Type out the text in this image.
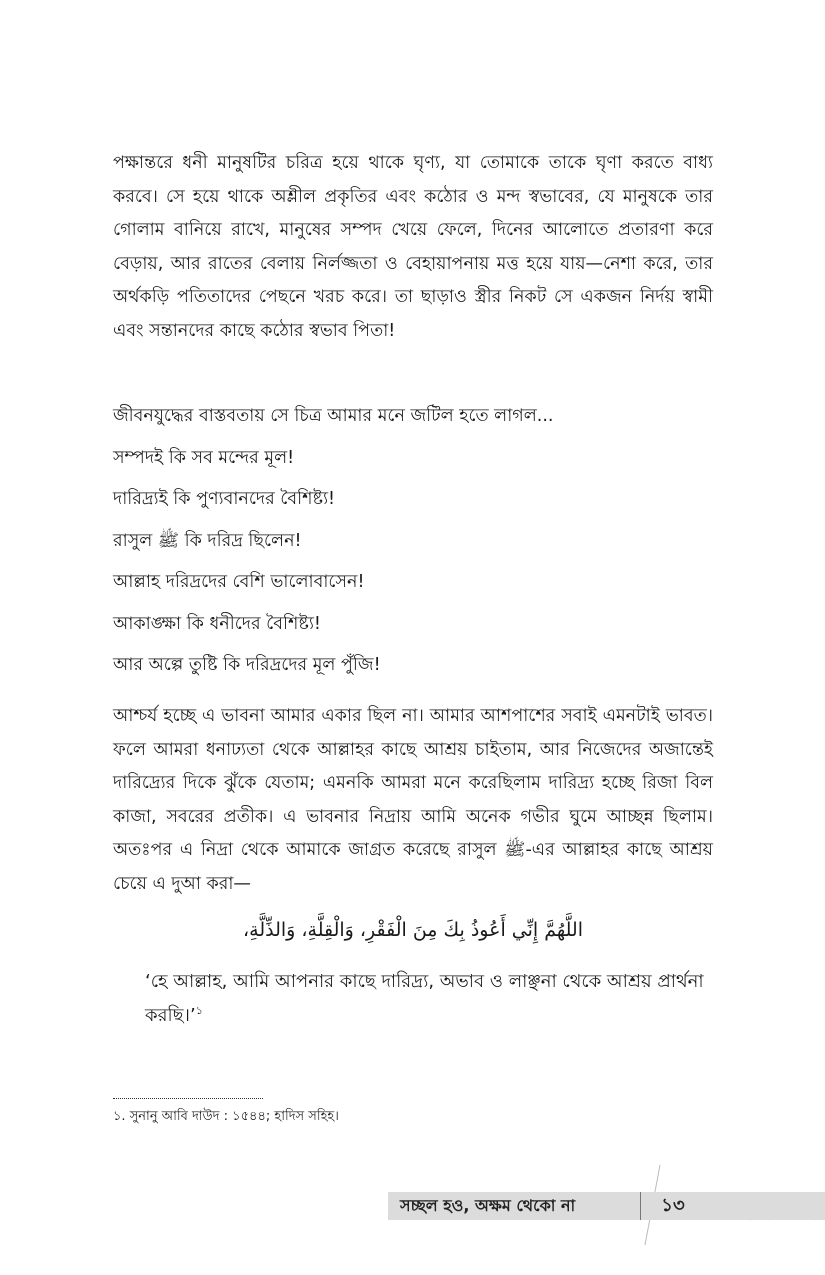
পক্ষান্তরে ধনী মানুষটির চরিত্র হয়ে থাকে ঘৃণ্য, যা তোমাকে তাকে ঘৃণা করতে বাধ্য করবে। সে হয়ে থাকে অশ্লীল প্রকৃতির এবং কঠোর ও মন্দ স্বভাবের, যে মানুষকে তার গোলাম বানিয়ে রাখে, মানুষের সম্পদ খেয়ে ফেলে, দিনের আলোতে প্রতারণা করে বেড়ায়, আর রাতের বেলায় নির্লজ্জতা ও বেহায়াপনায় মত্ত হয়ে যায়—নেশা করে, তার অর্থকড়ি পতিতাদের পেছনে খরচ করে। তা ছাড়াও স্ত্রীর নিকট সে একজন নির্দয় স্বামী এবং সন্তানদের কাছে কঠোর স্বভাব পিতা!

জীবনযুদ্ধের বাস্তবতায় সে চিত্র আমার মনে জটিল হতে লাগল...
সম্পদই কি সব মন্দের মূল!
দারিদ্র্যই কি পুণ্যবানদের বৈশিষ্ট্য!
রাসুল ﷺ কি দরিদ্র ছিলেন!
আল্লাহ দরিদ্রদের বেশি ভালোবাসেন!
আকাঙ্ক্ষা কি ধনীদের বৈশিষ্ট্য!
আর অল্পে তুষ্টি কি দরিদ্রদের মূল পুঁজি!

আশ্চর্য হচ্ছে এ ভাবনা আমার একার ছিল না। আমার আশপাশের সবাই এমনটাই ভাবত। ফলে আমরা ধনাঢ্যতা থেকে আল্লাহর কাছে আশ্রয় চাইতাম, আর নিজেদের অজান্তেই দারিদ্র্যের দিকে ঝুঁকে যেতাম; এমনকি আমরা মনে করেছিলাম দারিদ্র্য হচ্ছে রিজা বিল কাজা, সবরের প্রতীক। এ ভাবনার নিদ্রায় আমি অনেক গভীর ঘুমে আচ্ছন্ন ছিলাম। অতঃপর এ নিদ্রা থেকে আমাকে জাগ্রত করেছে রাসুল ﷺ-এর আল্লাহর কাছে আশ্রয় চেয়ে এ দুআ করা—

اللَّهُمَّ إِنِّي أَعُوذُ بِكَ مِنَ الْفَقْرِ، وَالْقِلَّةِ، وَالذِّلَّةِ،

‘হে আল্লাহ, আমি আপনার কাছে দারিদ্র্য, অভাব ও লাঞ্ছনা থেকে আশ্রয় প্রার্থনা করছি।’$^১$

১. সুনানু আবি দাউদ : ১৫৪৪; হাদিস সহিহ।

সচ্ছল হও, অক্ষম থেকো না	১৩
